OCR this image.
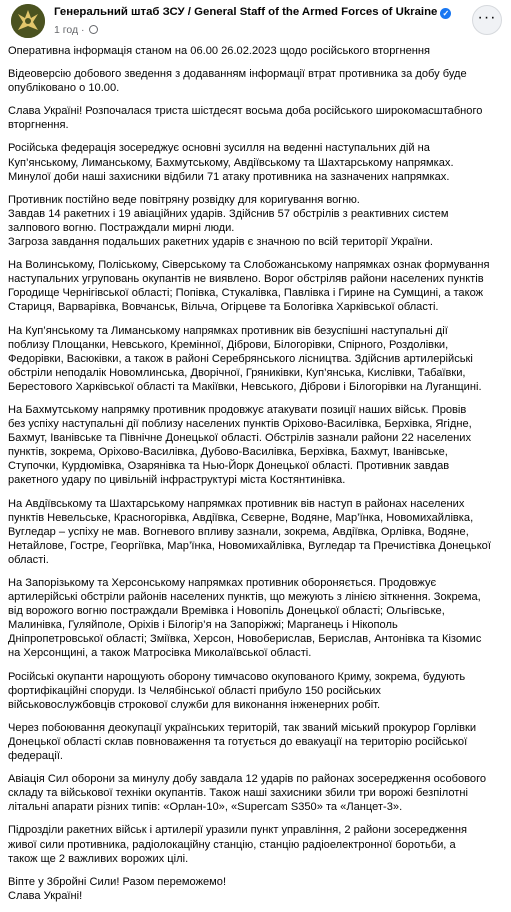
Генеральний штаб ЗСУ / General Staff of the Armed Forces of Ukraine ✓
1 год ·
···

Оперативна інформація станом на 06.00 26.02.2023 щодо російського вторгнення

Відеоверсію добового зведення з додаванням інформації втрат противника за добу буде
опубліковано о 10.00.

Слава Україні! Розпочалася триста шістдесят восьма доба російського широкомасштабного
вторгнення.

Російська федерація зосереджує основні зусилля на веденні наступальних дій на
Куп’янському, Лиманському, Бахмутському, Авдіївському та Шахтарському напрямках.
Минулої доби наші захисники відбили 71 атаку противника на зазначених напрямках.

Противник постійно веде повітряну розвідку для коригування вогню.
Завдав 14 ракетних і 19 авіаційних ударів. Здійснив 57 обстрілів з реактивних систем
залпового вогню. Постраждали мирні люди.
Загроза завдання подальших ракетних ударів є значною по всій території України.

На Волинському, Поліському, Сіверському та Слобожанському напрямках ознак формування
наступальних угруповань окупантів не виявлено. Ворог обстріляв райони населених пунктів
Городище Чернігівської області; Попівка, Стукалівка, Павлівка і Гирине на Сумщині, а також
Стариця, Варварівка, Вовчанськ, Вільча, Огірцеве та Бологівка Харківської області.

На Куп’янському та Лиманському напрямках противник вів безуспішні наступальні дії
поблизу Площанки, Невського, Кремінної, Діброви, Білогорівки, Спірного, Роздолівки,
Федорівки, Васюківки, а також в районі Серебрянського лісництва. Здійснив артилерійські
обстріли неподалік Новомлинська, Дворічної, Гряниківки, Куп’янська, Кислівки, Табаївки,
Берестового Харківської області та Макіївки, Невського, Діброви і Білогорівки на Луганщині.

На Бахмутському напрямку противник продовжує атакувати позиції наших військ. Провів
без успіху наступальні дії поблизу населених пунктів Оріхово-Василівка, Берхівка, Ягідне,
Бахмут, Іванівське та Північне Донецької області. Обстрілів зазнали райони 22 населених
пунктів, зокрема, Оріхово-Василівка, Дубово-Василівка, Берхівка, Бахмут, Іванівське,
Ступочки, Курдюмівка, Озарянівка та Нью-Йорк Донецької області. Противник завдав
ракетного удару по цивільній інфраструктурі міста Костянтинівка.

На Авдіївському та Шахтарському напрямках противник вів наступ в районах населених
пунктів Невельське, Красногорівка, Авдіївка, Сєверне, Водяне, Мар’їнка, Новомихайлівка,
Вугледар – успіху не мав. Вогневого впливу зазнали, зокрема, Авдіївка, Орлівка, Водяне,
Нетайлове, Гостре, Георгіївка, Мар’їнка, Новомихайлівка, Вугледар та Пречистівка Донецької
області.

На Запорізькому та Херсонському напрямках противник обороняється. Продовжує
артилерійські обстріли районів населених пунктів, що межують з лінією зіткнення. Зокрема,
від ворожого вогню постраждали Времівка і Новопіль Донецької області; Ольгівське,
Малинівка, Гуляйполе, Оріхів і Білогір’я на Запоріжжі; Марганець і Нікополь
Дніпропетровської області; Зміївка, Херсон, Новоберислав, Берислав, Антонівка та Кізомис
на Херсонщині, а також Матросівка Миколаївської області.

Російські окупанти нарощують оборону тимчасово окупованого Криму, зокрема, будують
фортифікаційні споруди. Із Челябінської області прибуло 150 російських
військовослужбовців строкової служби для виконання інженерних робіт.

Через побоювання деокупації українських територій, так званий міський прокурор Горлівки
Донецької області склав повноваження та готується до евакуації на територію російської
федерації.

Авіація Сил оборони за минулу добу завдала 12 ударів по районах зосередження особового
складу та військової техніки окупантів. Також наші захисники збили три ворожі безпілотні
літальні апарати різних типів: «Орлан-10», «Supercam S350» та «Ланцет-3».

Підрозділи ракетних військ і артилерії уразили пункт управління, 2 райони зосередження
живої сили противника, радіолокаційну станцію, станцію радіоелектронної боротьби, а
також ще 2 важливих ворожих цілі.

Віпте у 3бройні Сили! Разом переможемо!
Слава Україні!
